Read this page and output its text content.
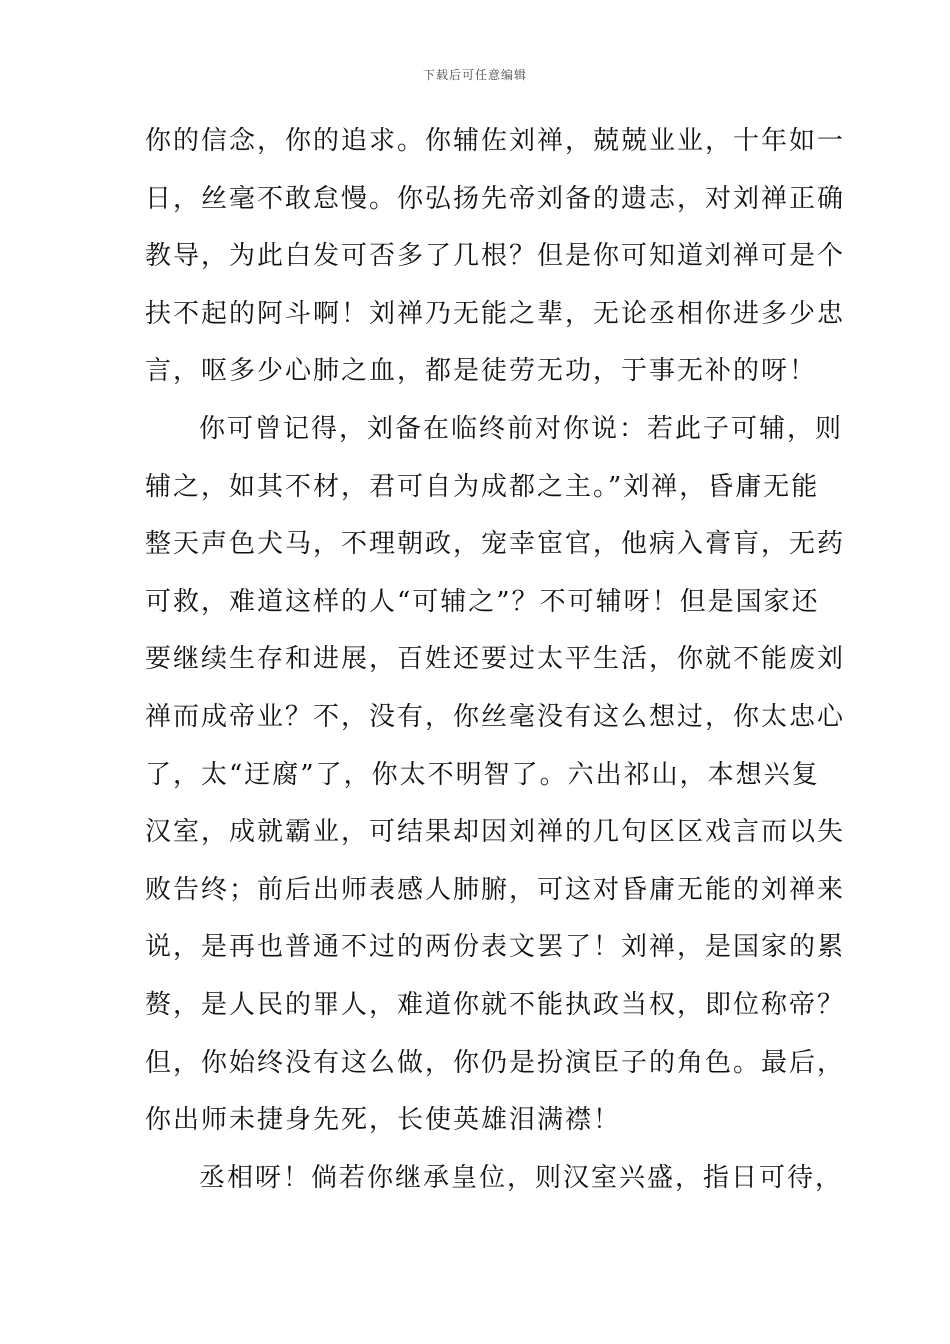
下载后可任意编辑
你的信念，你的追求。你辅佐刘禅，兢兢业业，十年如一
日，丝毫不敢怠慢。你弘扬先帝刘备的遗志，对刘禅正确
教导，为此白发可否多了几根？但是你可知道刘禅可是个
扶不起的阿斗啊！刘禅乃无能之辈，无论丞相你进多少忠
言，呕多少心肺之血，都是徒劳无功，于事无补的呀！
你可曾记得，刘备在临终前对你说：若此子可辅，则
辅之，如其不材，君可自为成都之主。”刘禅，昏庸无能
整天声色犬马，不理朝政，宠幸宦官，他病入膏肓，无药
可救，难道这样的人“可辅之”？不可辅呀！但是国家还
要继续生存和进展，百姓还要过太平生活，你就不能废刘
禅而成帝业？不，没有，你丝毫没有这么想过，你太忠心
了，太“迂腐”了，你太不明智了。六出祁山，本想兴复
汉室，成就霸业，可结果却因刘禅的几句区区戏言而以失
败告终；前后出师表感人肺腑，可这对昏庸无能的刘禅来
说，是再也普通不过的两份表文罢了！刘禅，是国家的累
赘，是人民的罪人，难道你就不能执政当权，即位称帝？
但，你始终没有这么做，你仍是扮演臣子的角色。最后，
你出师未捷身先死，长使英雄泪满襟！
丞相呀！倘若你继承皇位，则汉室兴盛，指日可待，
